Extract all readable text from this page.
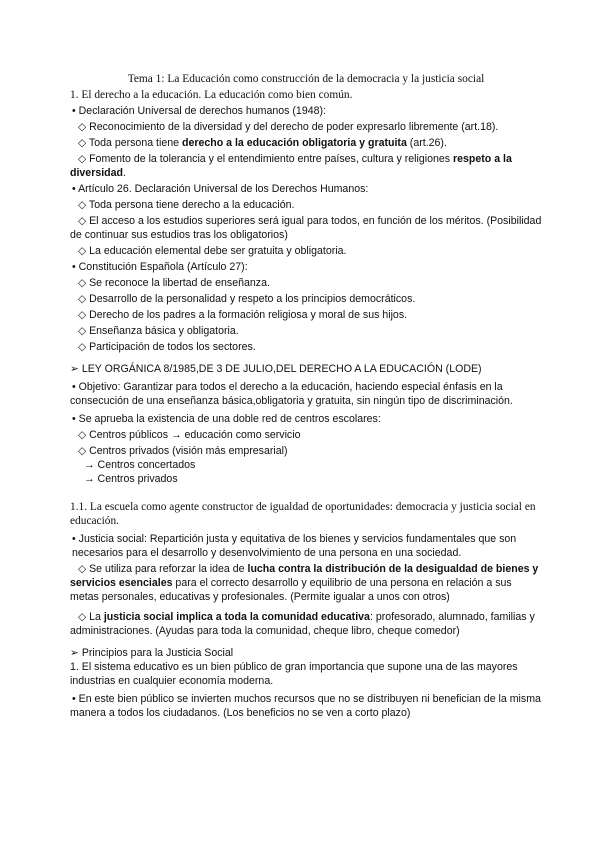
Tema 1: La Educación como construcción de la democracia y la justicia social

1. El derecho a la educación. La educación como bien común.

• Declaración Universal de derechos humanos (1948):

◇ Reconocimiento de la diversidad y del derecho de poder expresarlo libremente (art.18).

◇ Toda persona tiene derecho a la educación obligatoria y gratuita (art.26).

◇ Fomento de la tolerancia y el entendimiento entre países, cultura y religiones respeto a la diversidad.

• Artículo 26. Declaración Universal de los Derechos Humanos:

◇ Toda persona tiene derecho a la educación.

◇ El acceso a los estudios superiores será igual para todos, en función de los méritos. (Posibilidad de continuar sus estudios tras los obligatorios)

◇ La educación elemental debe ser gratuita y obligatoria.

• Constitución Española (Artículo 27):

◇ Se reconoce la libertad de enseñanza.

◇ Desarrollo de la personalidad y respeto a los principios democráticos.

◇ Derecho de los padres a la formación religiosa y moral de sus hijos.

◇ Enseñanza básica y obligatoria.

◇ Participación de todos los sectores.

➢ LEY ORGÁNICA 8/1985,DE 3 DE JULIO,DEL DERECHO A LA EDUCACIÓN (LODE)

• Objetivo: Garantizar para todos el derecho a la educación, haciendo especial énfasis en la consecución de una enseñanza básica,obligatoria y gratuita, sin ningún tipo de discriminación.

• Se aprueba la existencia de una doble red de centros escolares:

◇ Centros públicos → educación como servicio

◇ Centros privados (visión más empresarial)

→ Centros concertados

→ Centros privados

1.1. La escuela como agente constructor de igualdad de oportunidades: democracia y justicia social en educación.

• Justicia social: Repartición justa y equitativa de los bienes y servicios fundamentales que son necesarios para el desarrollo y desenvolvimiento de una persona en una sociedad.

◇ Se utiliza para reforzar la idea de lucha contra la distribución de la desigualdad de bienes y servicios esenciales para el correcto desarrollo y equilibrio de una persona en relación a sus metas personales, educativas y profesionales. (Permite igualar a unos con otros)

◇ La justicia social implica a toda la comunidad educativa: profesorado, alumnado, familias y administraciones. (Ayudas para toda la comunidad, cheque libro, cheque comedor)

➢ Principios para la Justicia Social

1. El sistema educativo es un bien público de gran importancia que supone una de las mayores industrias en cualquier economía moderna.

• En este bien público se invierten muchos recursos que no se distribuyen ni benefician de la misma manera a todos los ciudadanos. (Los beneficios no se ven a corto plazo)
